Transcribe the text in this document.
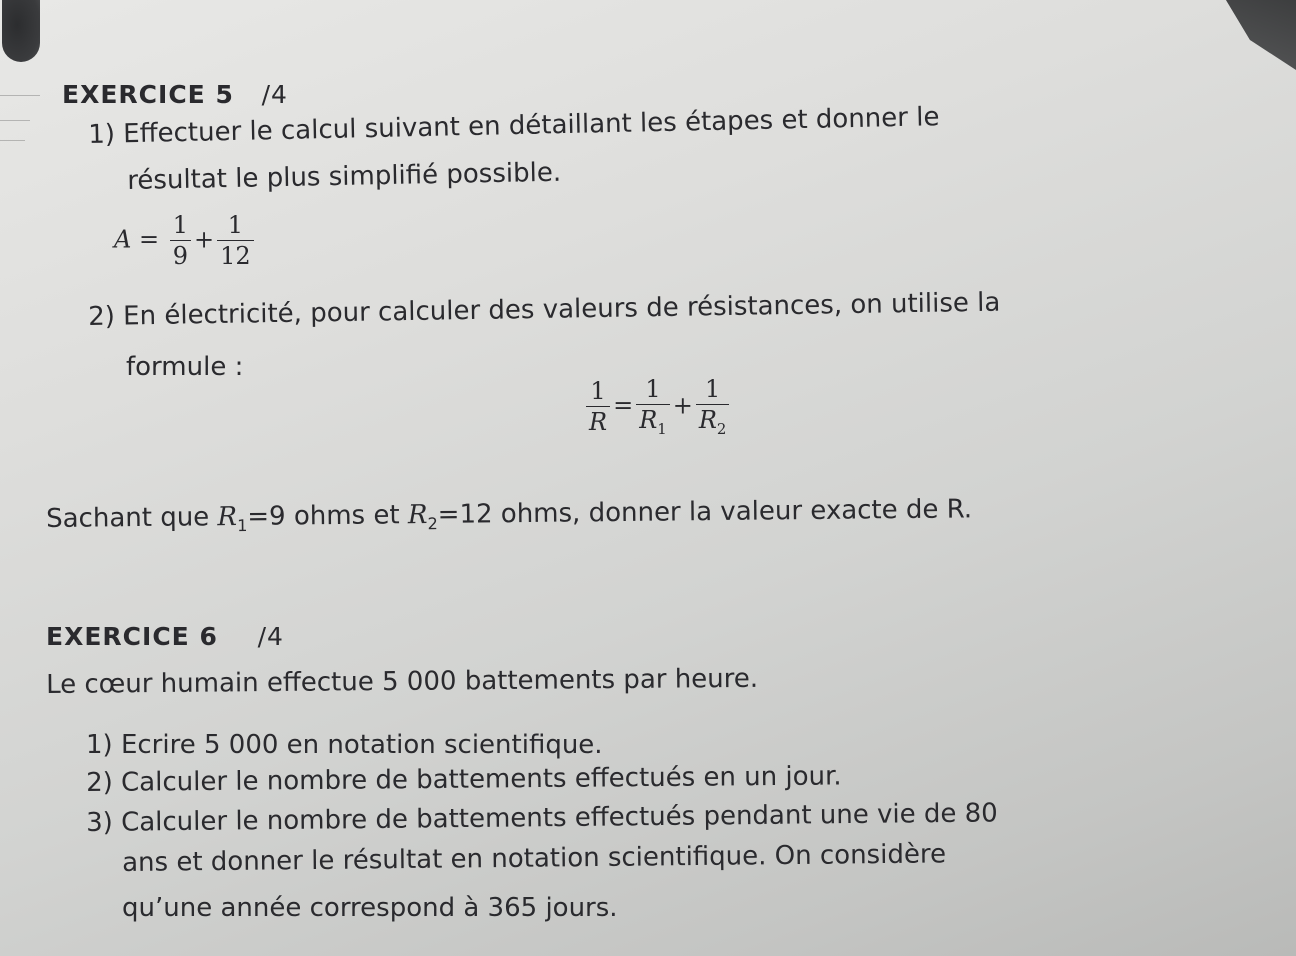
EXERCICE 5 /4
1) Effectuer le calcul suivant en détaillant les étapes et donner le
résultat le plus simplifié possible.
$A = \frac{1}{9} + \frac{1}{12}$
2) En électricité, pour calculer des valeurs de résistances, on utilise la
formule :
$\frac{1}{R} = \frac{1}{R_1} + \frac{1}{R_2}$
Sachant que $R_1=9$ ohms et $R_2=12$ ohms, donner la valeur exacte de R.
EXERCICE 6 /4
Le cœur humain effectue 5 000 battements par heure.
1) Ecrire 5 000 en notation scientifique.
2) Calculer le nombre de battements effectués en un jour.
3) Calculer le nombre de battements effectués pendant une vie de 80
ans et donner le résultat en notation scientifique. On considère
qu’une année correspond à 365 jours.
